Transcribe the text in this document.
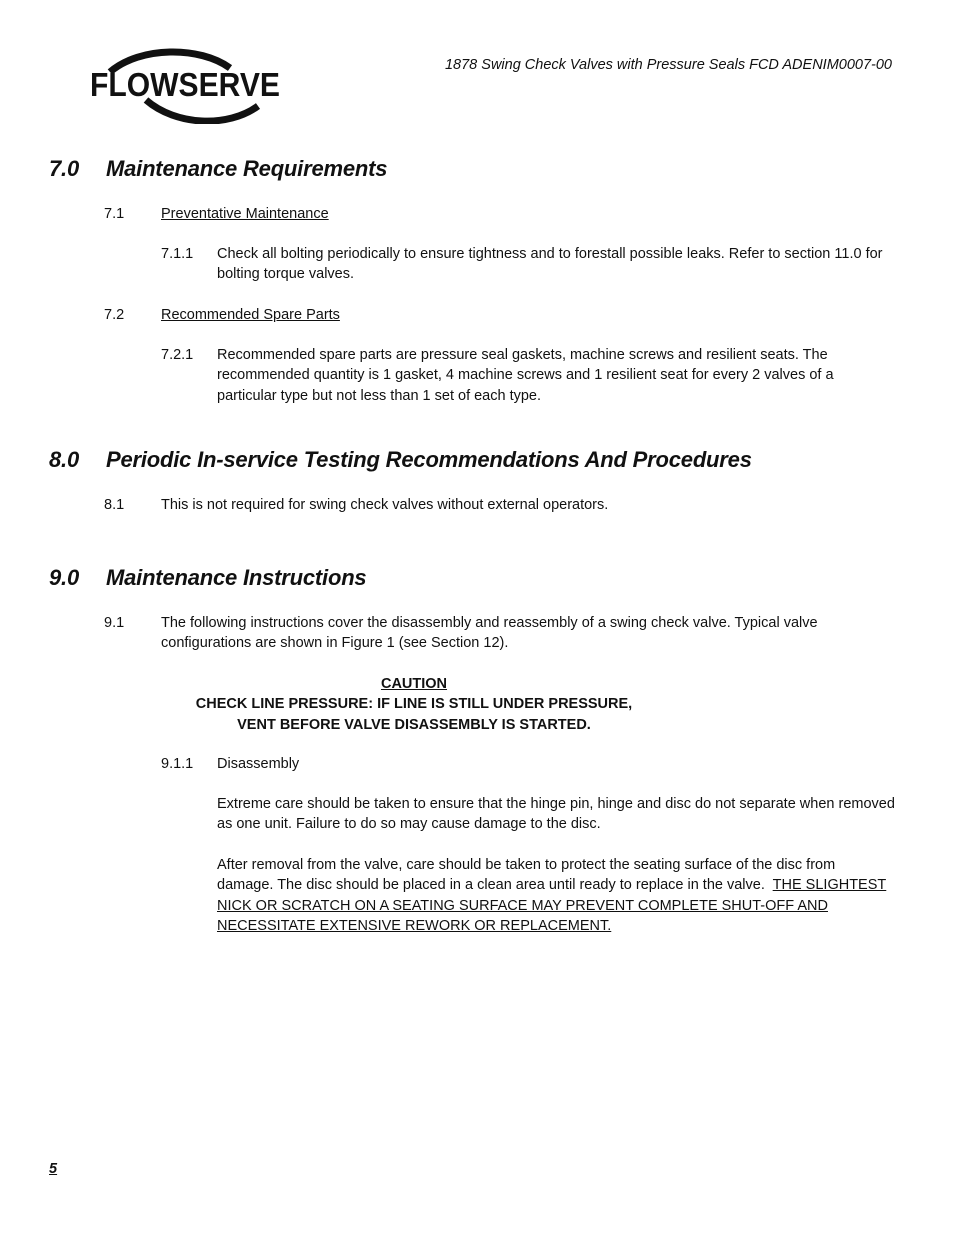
FLOWSERVE
1878 Swing Check Valves with Pressure Seals FCD ADENIM0007-00
7.0 Maintenance Requirements
7.1	Preventative Maintenance
7.1.1 Check all bolting periodically to ensure tightness and to forestall possible leaks. Refer to section 11.0 for bolting torque valves.
7.2	Recommended Spare Parts
7.2.1 Recommended spare parts are pressure seal gaskets, machine screws and resilient seats. The recommended quantity is 1 gasket, 4 machine screws and 1 resilient seat for every 2 valves of a particular type but not less than 1 set of each type.
8.0 Periodic In-service Testing Recommendations And Procedures
8.1	This is not required for swing check valves without external operators.
9.0 Maintenance Instructions
9.1	The following instructions cover the disassembly and reassembly of a swing check valve. Typical valve configurations are shown in Figure 1 (see Section 12).
CAUTION
CHECK LINE PRESSURE: IF LINE IS STILL UNDER PRESSURE,
VENT BEFORE VALVE DISASSEMBLY IS STARTED.
9.1.1 Disassembly
Extreme care should be taken to ensure that the hinge pin, hinge and disc do not separate when removed as one unit. Failure to do so may cause damage to the disc.
After removal from the valve, care should be taken to protect the seating surface of the disc from damage. The disc should be placed in a clean area until ready to replace in the valve. THE SLIGHTEST NICK OR SCRATCH ON A SEATING SURFACE MAY PREVENT COMPLETE SHUT-OFF AND NECESSITATE EXTENSIVE REWORK OR REPLACEMENT.
5
